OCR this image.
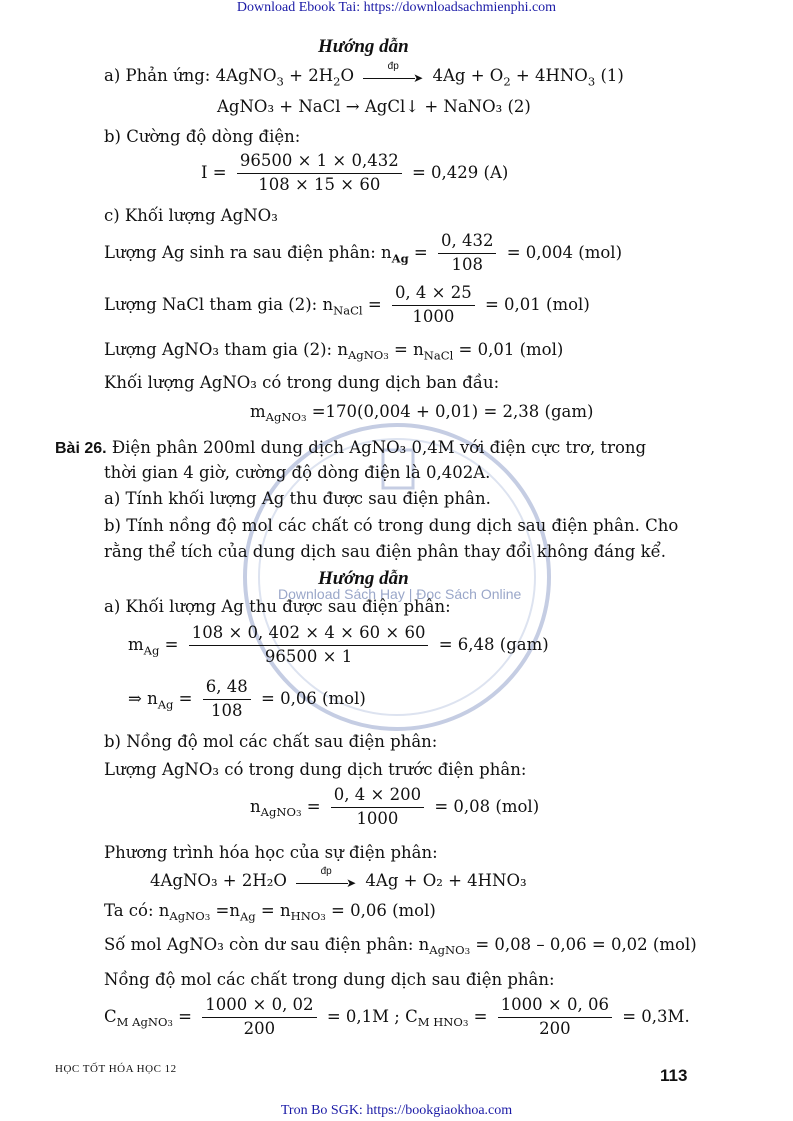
Download Ebook Tai: https://downloadsachmienphi.com
Download Sách Hay | Đọc Sách Online
Hướng dẫn
a) Phản ứng: 4AgNO$_3$ + $2H_2O$	đp
➤ $4Ag + O_2 + 4HNO_3$ (1)
AgNO₃ + NaCl → AgCl↓ + NaNO₃ (2)
b) Cường độ dòng điện:
$I = \frac{96500 \times 1 \times 0,432}{108 \times 15 \times 60} = 0,429$ (A)
c) Khối lượng AgNO₃
Lượng Ag sinh ra sau điện phân: $n_{Ag} = \frac{0, 432}{108} = 0,004$ (mol)
Lượng NaCl tham gia (2): $n_{NaCl} = \frac{0, 4 \times 25}{1000} = 0,01$ (mol)
Lượng AgNO₃ tham gia (2): $n_{AgNO3} = n_{NaCl} = 0,01$ (mol)
Khối lượng AgNO₃ có trong dung dịch ban đầu:
$m_{AgNO3} =170(0,004 + 0,01) = 2,38$ (gam)
Bài 26. Điện phân 200ml dung dịch AgNO₃ 0,4M với điện cực trơ, trong
thời gian 4 giờ, cường độ dòng điện là 0,402A.
a) Tính khối lượng Ag thu được sau điện phân.
b) Tính nồng độ mol các chất có trong dung dịch sau điện phân. Cho
rằng thể tích của dung dịch sau điện phân thay đổi không đáng kể.
Hướng dẫn
a) Khối lượng Ag thu được sau điện phân:
$m_{Ag} = \frac{108 \times 0, 402 \times 4 \times 60 \times 60}{96500 \times 1} = 6,48$ (gam)
⇒ $n_{Ag} = \frac{6, 48}{108} = 0,06$ (mol)
b) Nồng độ mol các chất sau điện phân:
Lượng AgNO₃ có trong dung dịch trước điện phân:
$n_{AgNO3} = \frac{0, 4 \times 200}{1000} = 0,08$ (mol)
Phương trình hóa học của sự điện phân:
4AgNO₃ + 2H₂O	đp
➤ 4Ag + O₂ + 4HNO₃
Ta có: $n_{AgNO3} =n_{Ag} = n_{HNO3} = 0,06$ (mol)
Số mol AgNO₃ còn dư sau điện phân: $n_{AgNO3} = 0,08 - 0,06 = 0,02$ (mol)
Nồng độ mol các chất trong dung dịch sau điện phân:
$C_{M AgNO3} = \frac{1000 \times 0, 02}{200} = 0,1M$ ; $C_{M HNO3} = \frac{1000 \times 0, 06}{200} = 0,3M$.
HỌC TỐT HÓA HỌC 12	113
Tron Bo SGK: https://bookgiaokhoa.com
